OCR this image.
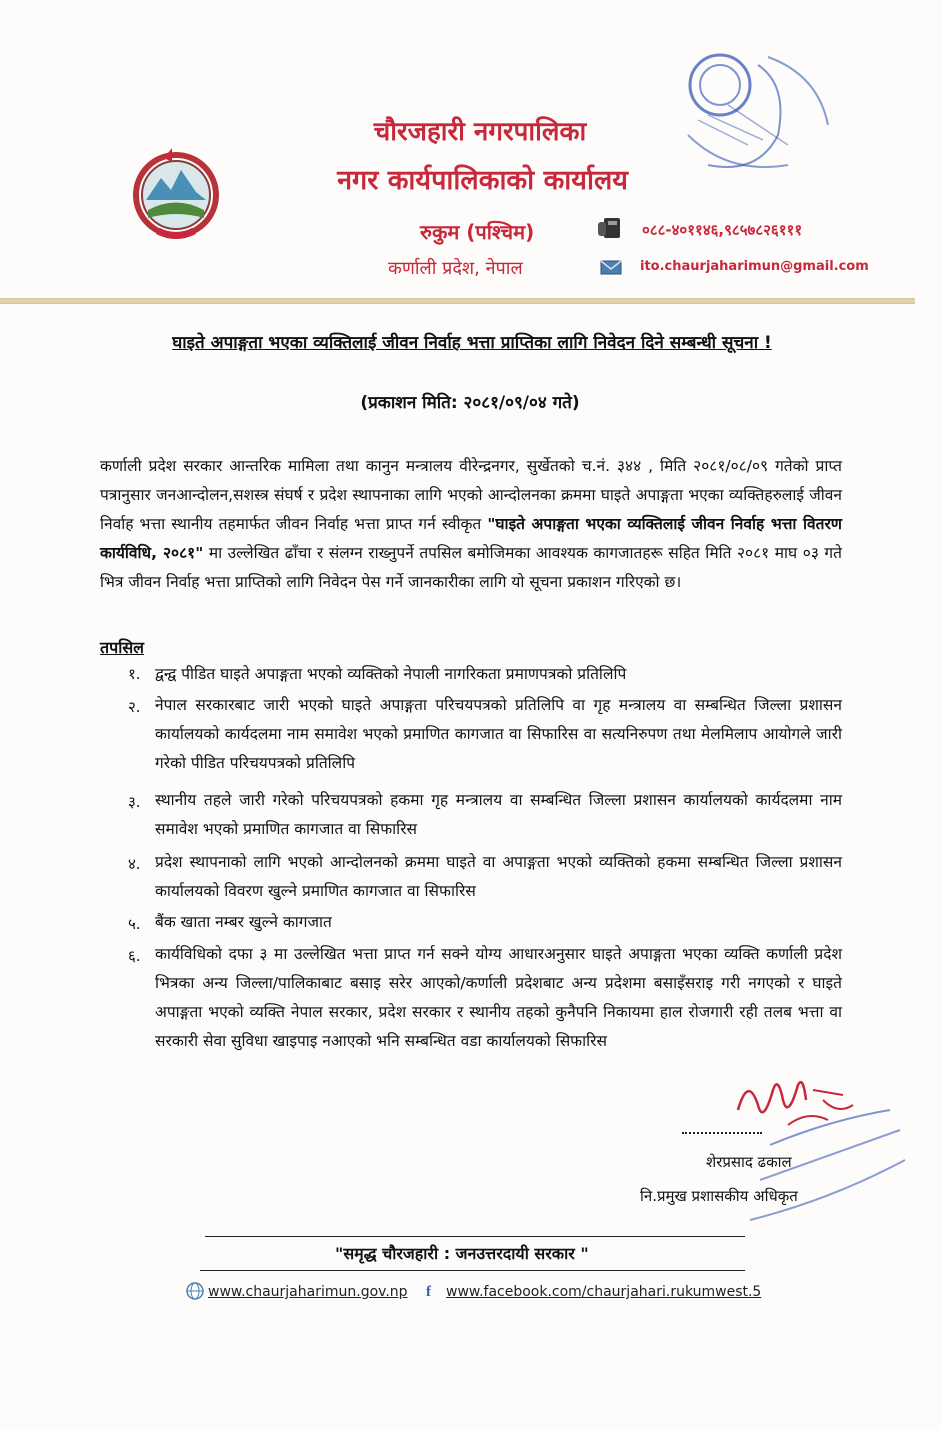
चौरजहारी नगरपालिका
नगर कार्यपालिकाको कार्यालय
रुकुम (पश्चिम)
कर्णाली प्रदेश, नेपाल
०८८-४०११४६,९८५७८२६१११
ito.chaurjaharimun@gmail.com
घाइते अपाङ्गता भएका व्यक्तिलाई जीवन निर्वाह भत्ता प्राप्तिका लागि निवेदन दिने सम्बन्धी सूचना !
(प्रकाशन मिति: २०८१/०९/०४ गते)
कर्णाली प्रदेश सरकार आन्तरिक मामिला तथा कानुन मन्त्रालय वीरेन्द्रनगर, सुर्खेतको च.नं. ३४४ , मिति २०८१/०८/०९ गतेको प्राप्त पत्रानुसार जनआन्दोलन,सशस्त्र संघर्ष र प्रदेश स्थापनाका लागि भएको आन्दोलनका क्रममा घाइते अपाङ्गता भएका व्यक्तिहरुलाई जीवन निर्वाह भत्ता स्थानीय तहमार्फत जीवन निर्वाह भत्ता प्राप्त गर्न स्वीकृत "घाइते अपाङ्गता भएका व्यक्तिलाई जीवन निर्वाह भत्ता वितरण कार्यविधि, २०८१" मा उल्लेखित ढाँचा र संलग्न राख्नुपर्ने तपसिल बमोजिमका आवश्यक कागजातहरू सहित मिति २०८१ माघ ०३ गते भित्र जीवन निर्वाह भत्ता प्राप्तिको लागि निवेदन पेस गर्ने जानकारीका लागि यो सूचना प्रकाशन गरिएको छ।
तपसिल
१. द्वन्द्व पीडित घाइते अपाङ्गता भएको व्यक्तिको नेपाली नागरिकता प्रमाणपत्रको प्रतिलिपि
२. नेपाल सरकारबाट जारी भएको घाइते अपाङ्गता परिचयपत्रको प्रतिलिपि वा गृह मन्त्रालय वा सम्बन्धित जिल्ला प्रशासन कार्यालयको कार्यदलमा नाम समावेश भएको प्रमाणित कागजात वा सिफारिस वा सत्यनिरुपण तथा मेलमिलाप आयोगले जारी गरेको पीडित परिचयपत्रको प्रतिलिपि
३. स्थानीय तहले जारी गरेको परिचयपत्रको हकमा गृह मन्त्रालय वा सम्बन्धित जिल्ला प्रशासन कार्यालयको कार्यदलमा नाम समावेश भएको प्रमाणित कागजात वा सिफारिस
४. प्रदेश स्थापनाको लागि भएको आन्दोलनको क्रममा घाइते वा अपाङ्गता भएको व्यक्तिको हकमा सम्बन्धित जिल्ला प्रशासन कार्यालयको विवरण खुल्ने प्रमाणित कागजात वा सिफारिस
५. बैंक खाता नम्बर खुल्ने कागजात
६. कार्यविधिको दफा ३ मा उल्लेखित भत्ता प्राप्त गर्न सक्ने योग्य आधारअनुसार घाइते अपाङ्गता भएका व्यक्ति कर्णाली प्रदेश भित्रका अन्य जिल्ला/पालिकाबाट बसाइ सरेर आएको/कर्णाली प्रदेशबाट अन्य प्रदेशमा बसाइँसराइ गरी नगएको र घाइते अपाङ्गता भएको व्यक्ति नेपाल सरकार, प्रदेश सरकार र स्थानीय तहको कुनैपनि निकायमा हाल रोजगारी रही तलब भत्ता वा सरकारी सेवा सुविधा खाइपाइ नआएको भनि सम्बन्धित वडा कार्यालयको सिफारिस
शेरप्रसाद ढकाल
नि.प्रमुख प्रशासकीय अधिकृत
"समृद्ध चौरजहारी : जनउत्तरदायी सरकार "
www.chaurjaharimun.gov.np f www.facebook.com/chaurjahari.rukumwest.5
